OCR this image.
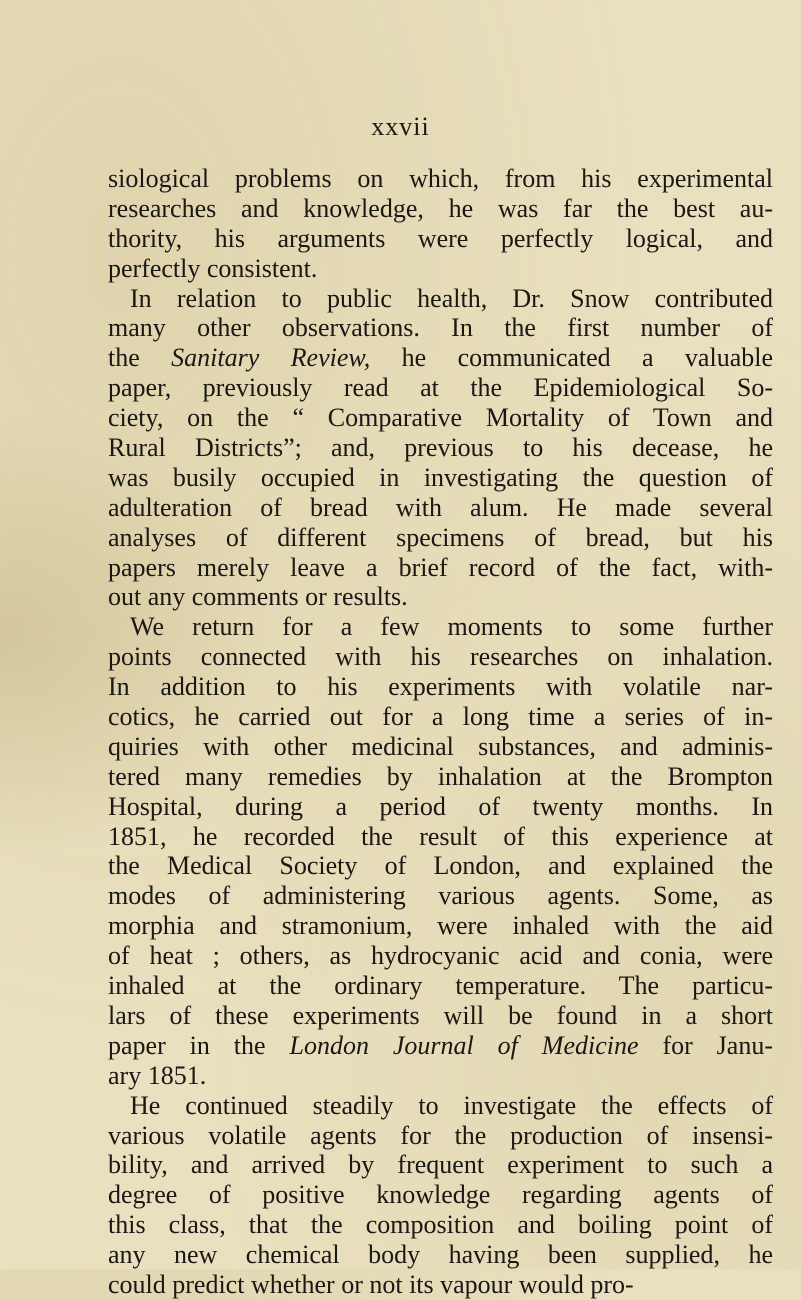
xxvii
siological problems on which, from his experimental
researches and knowledge, he was far the best au-
thority, his arguments were perfectly logical, and
perfectly consistent.
In relation to public health, Dr. Snow contributed
many other observations. In the first number of
the Sanitary Review, he communicated a valuable
paper, previously read at the Epidemiological So-
ciety, on the “ Comparative Mortality of Town and
Rural Districts”; and, previous to his decease, he
was busily occupied in investigating the question of
adulteration of bread with alum. He made several
analyses of different specimens of bread, but his
papers merely leave a brief record of the fact, with-
out any comments or results.
We return for a few moments to some further
points connected with his researches on inhalation.
In addition to his experiments with volatile nar-
cotics, he carried out for a long time a series of in-
quiries with other medicinal substances, and adminis-
tered many remedies by inhalation at the Brompton
Hospital, during a period of twenty months. In
1851, he recorded the result of this experience at
the Medical Society of London, and explained the
modes of administering various agents. Some, as
morphia and stramonium, were inhaled with the aid
of heat ; others, as hydrocyanic acid and conia, were
inhaled at the ordinary temperature. The particu-
lars of these experiments will be found in a short
paper in the London Journal of Medicine for Janu-
ary 1851.
He continued steadily to investigate the effects of
various volatile agents for the production of insensi-
bility, and arrived by frequent experiment to such a
degree of positive knowledge regarding agents of
this class, that the composition and boiling point of
any new chemical body having been supplied, he
could predict whether or not its vapour would pro-
